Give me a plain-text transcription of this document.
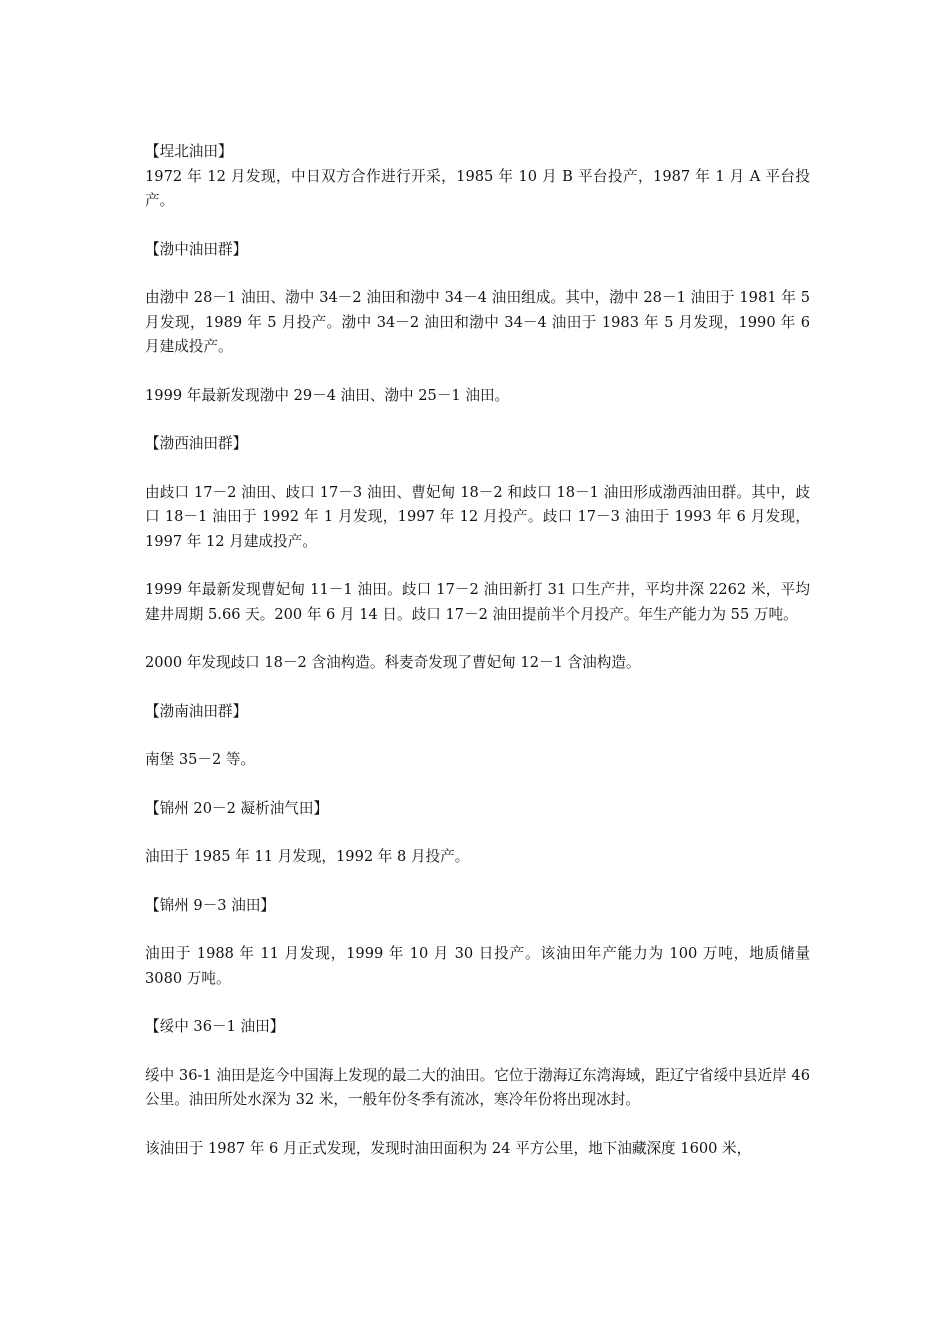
【埕北油田】

1972 年 12 月发现，中日双方合作进行开采，1985 年 10 月 B 平台投产，1987 年 1 月 A 平台投产。

【渤中油田群】

由渤中 28－1 油田、渤中 34－2 油田和渤中 34－4 油田组成。其中，渤中 28－1 油田于 1981 年 5 月发现，1989 年 5 月投产。渤中 34－2 油田和渤中 34－4 油田于 1983 年 5 月发现，1990 年 6 月建成投产。

1999 年最新发现渤中 29－4 油田、渤中 25－1 油田。

【渤西油田群】

由歧口 17－2 油田、歧口 17－3 油田、曹妃甸 18－2 和歧口 18－1 油田形成渤西油田群。其中，歧口 18－1 油田于 1992 年 1 月发现，1997 年 12 月投产。歧口 17－3 油田于 1993 年 6 月发现，1997 年 12 月建成投产。

1999 年最新发现曹妃甸 11－1 油田。歧口 17－2 油田新打 31 口生产井，平均井深 2262 米，平均建井周期 5.66 天。200 年 6 月 14 日。歧口 17－2 油田提前半个月投产。年生产能力为 55 万吨。

2000 年发现歧口 18－2 含油构造。科麦奇发现了曹妃甸 12－1 含油构造。

【渤南油田群】

南堡 35－2 等。

【锦州 20－2 凝析油气田】

油田于 1985 年 11 月发现，1992 年 8 月投产。

【锦州 9－3 油田】

油田于 1988 年 11 月发现，1999 年 10 月 30 日投产。该油田年产能力为 100 万吨，地质储量 3080 万吨。

【绥中 36－1 油田】

绥中 36-1 油田是迄今中国海上发现的最二大的油田。它位于渤海辽东湾海域，距辽宁省绥中县近岸 46 公里。油田所处水深为 32 米，一般年份冬季有流冰，寒冷年份将出现冰封。

该油田于 1987 年 6 月正式发现，发现时油田面积为 24 平方公里，地下油藏深度 1600 米，
